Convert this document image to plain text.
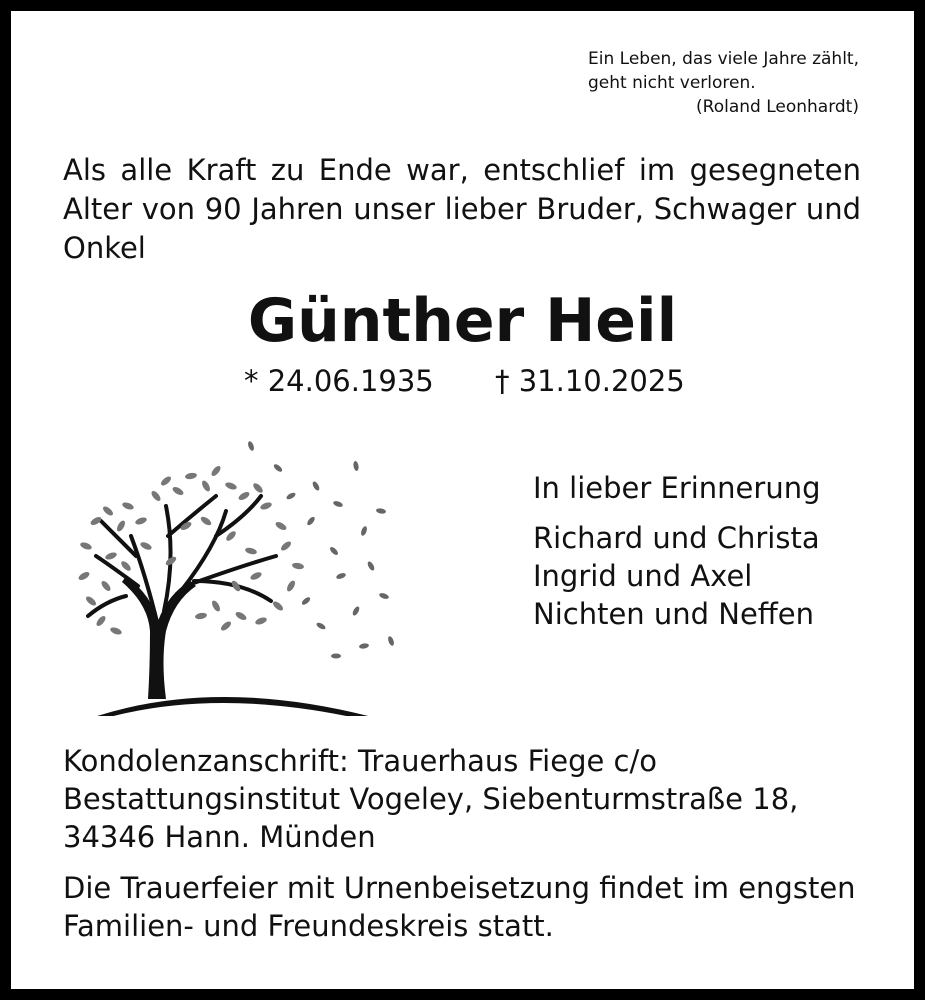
Ein Leben, das viele Jahre zählt,
geht nicht verloren.
(Roland Leonhardt)
Als alle Kraft zu Ende war, entschlief im gesegneten Alter von 90 Jahren unser lieber Bruder, Schwager und Onkel
Günther Heil
* 24.06.1935 † 31.10.2025
In lieber Erinnerung
Richard und Christa
Ingrid und Axel
Nichten und Neffen
Kondolenzanschrift: Trauerhaus Fiege c/o
Bestattungsinstitut Vogeley, Siebenturmstraße 18,
34346 Hann. Münden
Die Trauerfeier mit Urnenbeisetzung findet im engsten
Familien- und Freundeskreis statt.
